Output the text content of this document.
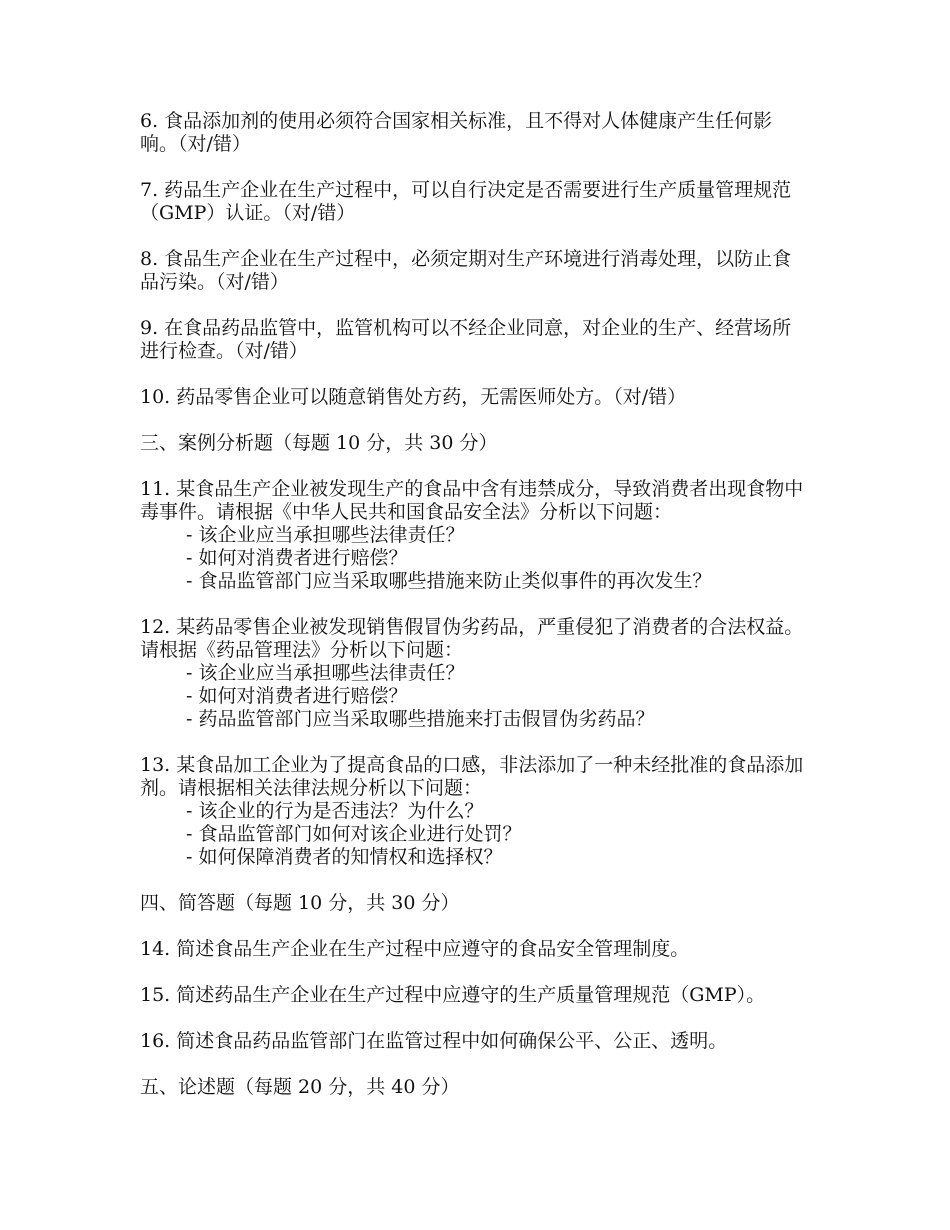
6. 食品添加剂的使用必须符合国家相关标准，且不得对人体健康产生任何影响。（对/错）

7. 药品生产企业在生产过程中，可以自行决定是否需要进行生产质量管理规范（GMP）认证。（对/错）

8. 食品生产企业在生产过程中，必须定期对生产环境进行消毒处理，以防止食品污染。（对/错）

9. 在食品药品监管中，监管机构可以不经企业同意，对企业的生产、经营场所进行检查。（对/错）

10. 药品零售企业可以随意销售处方药，无需医师处方。（对/错）

三、案例分析题（每题 10 分，共 30 分）

11. 某食品生产企业被发现生产的食品中含有违禁成分，导致消费者出现食物中毒事件。请根据《中华人民共和国食品安全法》分析以下问题：

- 该企业应当承担哪些法律责任？

- 如何对消费者进行赔偿？

- 食品监管部门应当采取哪些措施来防止类似事件的再次发生？

12. 某药品零售企业被发现销售假冒伪劣药品，严重侵犯了消费者的合法权益。请根据《药品管理法》分析以下问题：

- 该企业应当承担哪些法律责任？

- 如何对消费者进行赔偿？

- 药品监管部门应当采取哪些措施来打击假冒伪劣药品？

13. 某食品加工企业为了提高食品的口感，非法添加了一种未经批准的食品添加剂。请根据相关法律法规分析以下问题：

- 该企业的行为是否违法？为什么？

- 食品监管部门如何对该企业进行处罚？

- 如何保障消费者的知情权和选择权？

四、简答题（每题 10 分，共 30 分）

14. 简述食品生产企业在生产过程中应遵守的食品安全管理制度。

15. 简述药品生产企业在生产过程中应遵守的生产质量管理规范（GMP）。

16. 简述食品药品监管部门在监管过程中如何确保公平、公正、透明。

五、论述题（每题 20 分，共 40 分）
